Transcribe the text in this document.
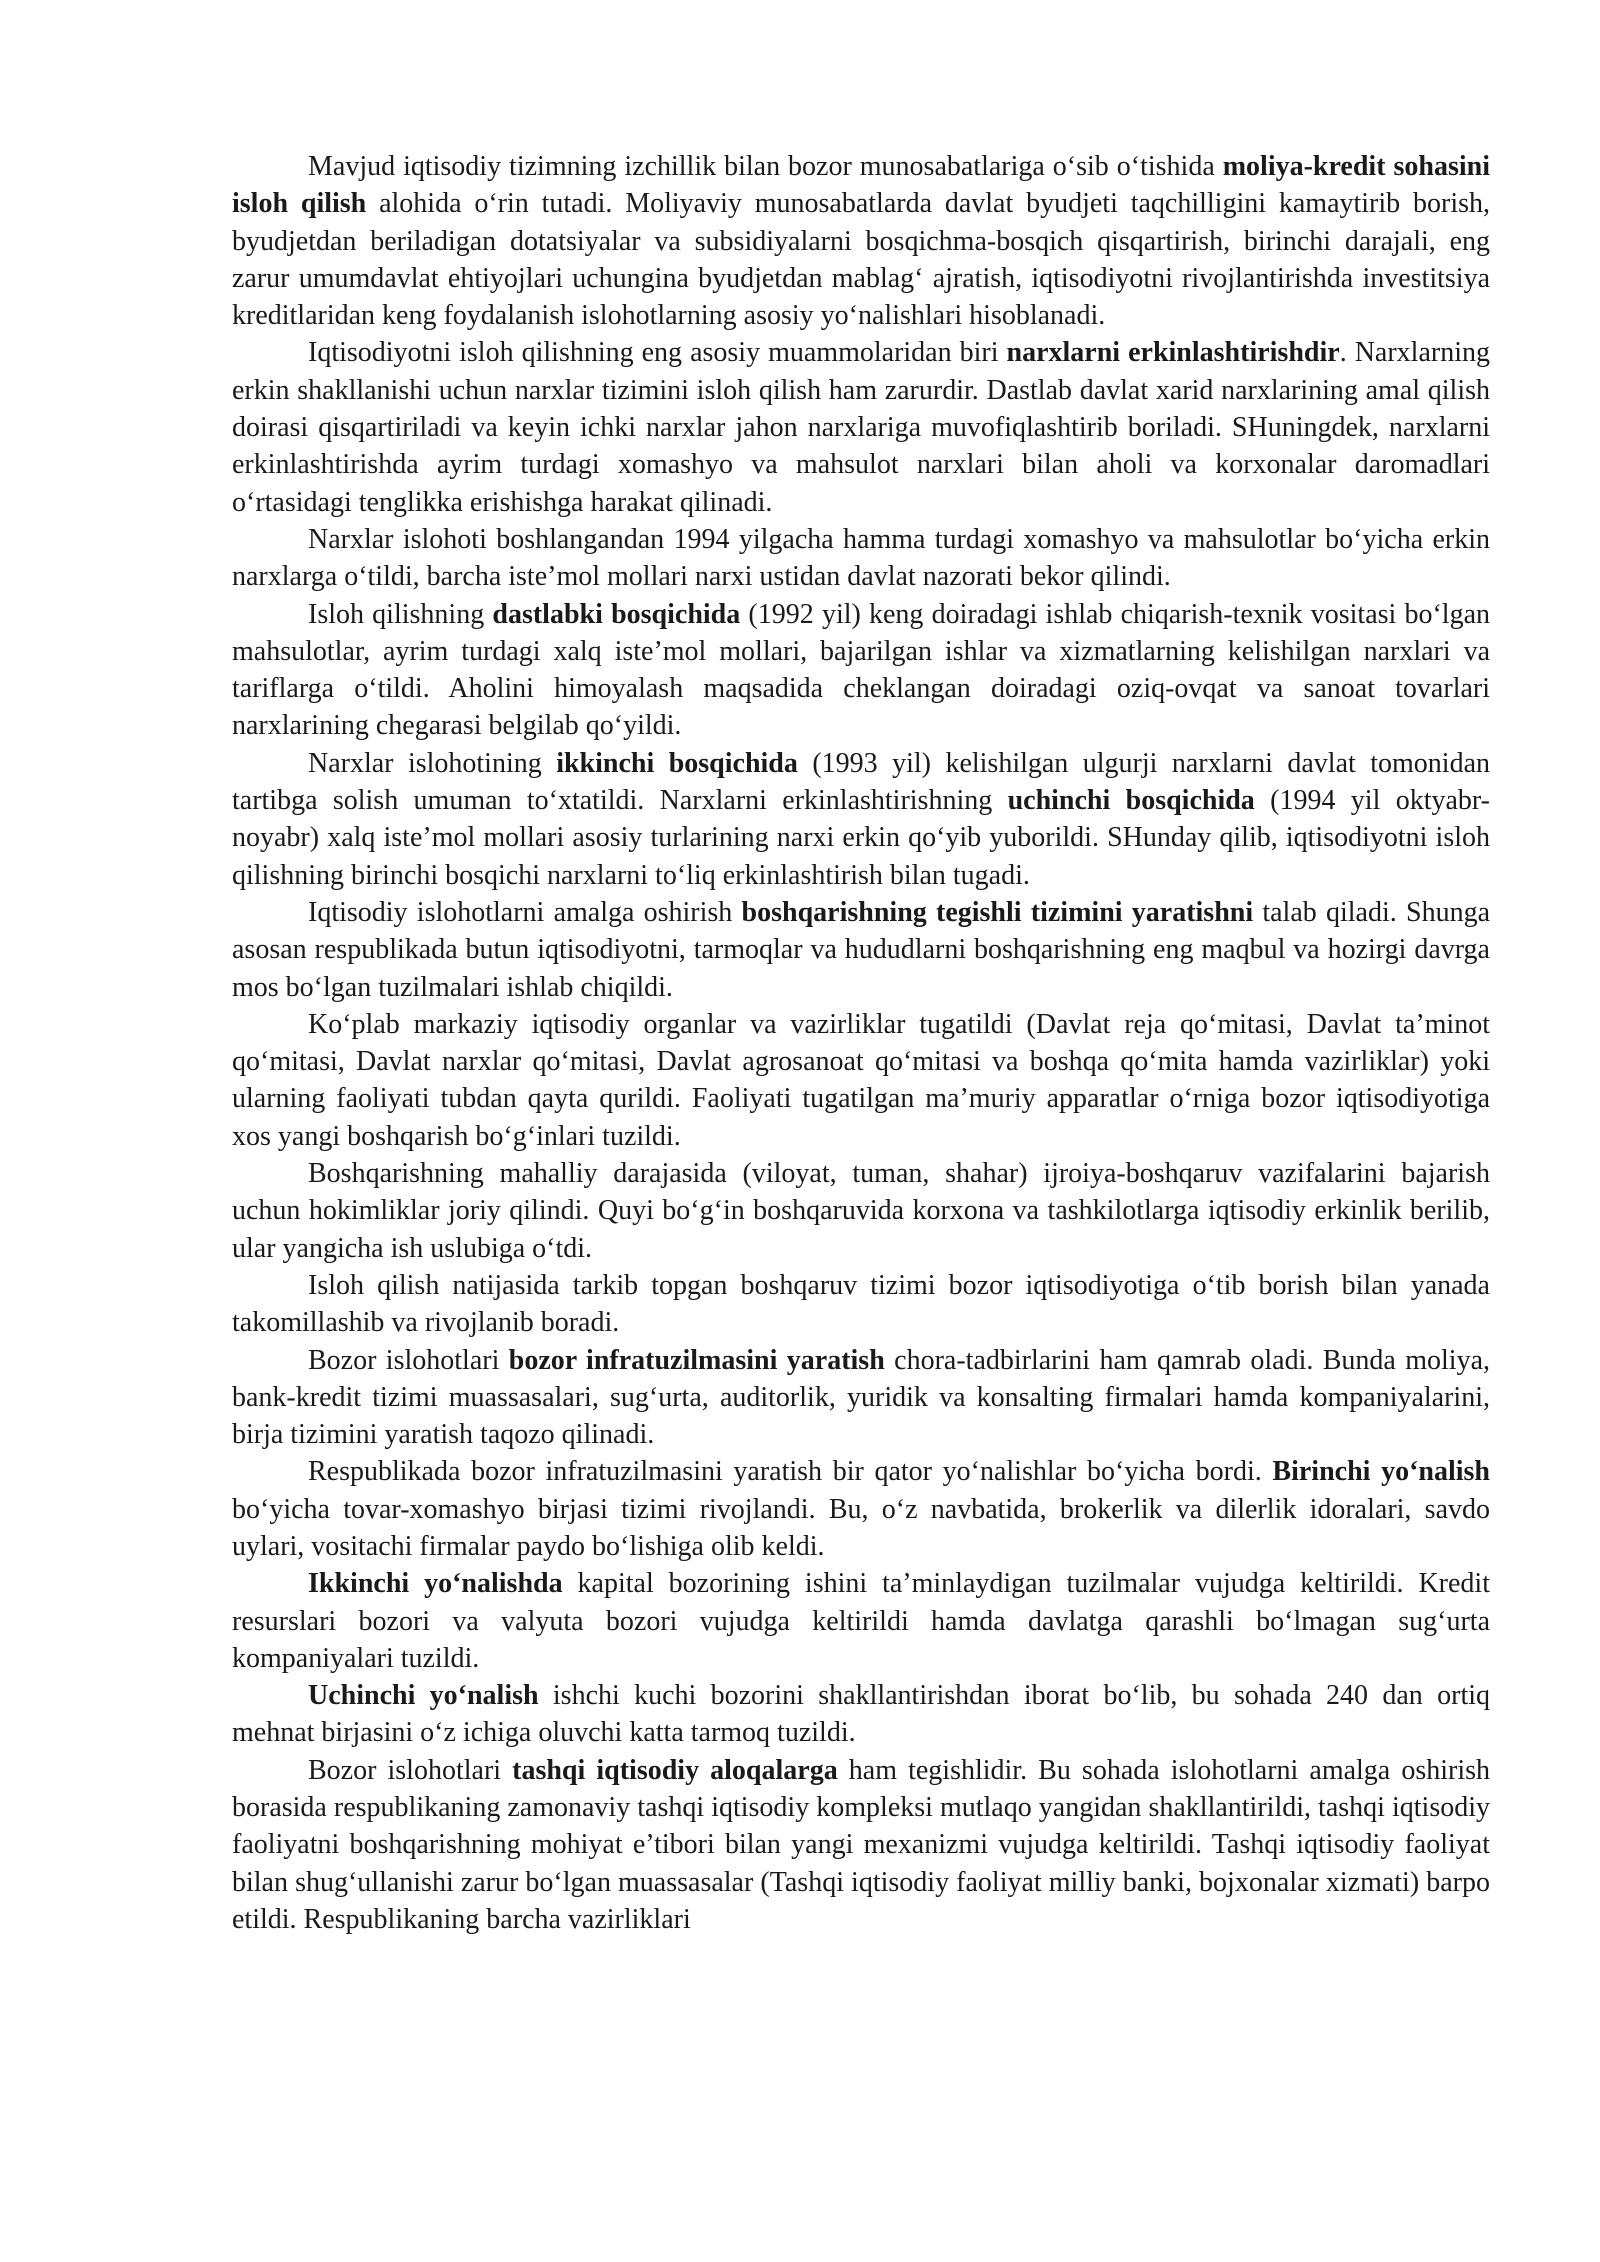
Mavjud iqtisodiy tizimning izchillik bilan bozor munosabatlariga o‘sib o‘tishida moliya-kredit sohasini isloh qilish alohida o‘rin tutadi. Moliyaviy munosabatlarda davlat byudjeti taqchilligini kamaytirib borish, byudjetdan beriladigan dotatsiyalar va subsidiyalarni bosqichma-bosqich qisqartirish, birinchi darajali, eng zarur umumdavlat ehtiyojlari uchungina byudjetdan mablag‘ ajratish, iqtisodiyotni rivojlantirishda investitsiya kreditlaridan keng foydalanish islohotlarning asosiy yo‘nalishlari hisoblanadi.

Iqtisodiyotni isloh qilishning eng asosiy muammolaridan biri narxlarni erkinlashtirishdir. Narxlarning erkin shakllanishi uchun narxlar tizimini isloh qilish ham zarurdir. Dastlab davlat xarid narxlarining amal qilish doirasi qisqartiriladi va keyin ichki narxlar jahon narxlariga muvofiqlashtirib boriladi. SHuningdek, narxlarni erkinlashtirishda ayrim turdagi xomashyo va mahsulot narxlari bilan aholi va korxonalar daromadlari o‘rtasidagi tenglikka erishishga harakat qilinadi.

Narxlar islohoti boshlangandan 1994 yilgacha hamma turdagi xomashyo va mahsulotlar bo‘yicha erkin narxlarga o‘tildi, barcha iste’mol mollari narxi ustidan davlat nazorati bekor qilindi.

Isloh qilishning dastlabki bosqichida (1992 yil) keng doiradagi ishlab chiqarish-texnik vositasi bo‘lgan mahsulotlar, ayrim turdagi xalq iste’mol mollari, bajarilgan ishlar va xizmatlarning kelishilgan narxlari va tariflarga o‘tildi. Aholini himoyalash maqsadida cheklangan doiradagi oziq-ovqat va sanoat tovarlari narxlarining chegarasi belgilab qo‘yildi.

Narxlar islohotining ikkinchi bosqichida (1993 yil) kelishilgan ulgurji narxlarni davlat tomonidan tartibga solish umuman to‘xtatildi. Narxlarni erkinlashtirishning uchinchi bosqichida (1994 yil oktyabr-noyabr) xalq iste’mol mollari asosiy turlarining narxi erkin qo‘yib yuborildi. SHunday qilib, iqtisodiyotni isloh qilishning birinchi bosqichi narxlarni to‘liq erkinlashtirish bilan tugadi.

Iqtisodiy islohotlarni amalga oshirish boshqarishning tegishli tizimini yaratishni talab qiladi. Shunga asosan respublikada butun iqtisodiyotni, tarmoqlar va hududlarni boshqarishning eng maqbul va hozirgi davrga mos bo‘lgan tuzilmalari ishlab chiqildi.

Ko‘plab markaziy iqtisodiy organlar va vazirliklar tugatildi (Davlat reja qo‘mitasi, Davlat ta’minot qo‘mitasi, Davlat narxlar qo‘mitasi, Davlat agrosanoat qo‘mitasi va boshqa qo‘mita hamda vazirliklar) yoki ularning faoliyati tubdan qayta qurildi. Faoliyati tugatilgan ma’muriy apparatlar o‘rniga bozor iqtisodiyotiga xos yangi boshqarish bo‘g‘inlari tuzildi.

Boshqarishning mahalliy darajasida (viloyat, tuman, shahar) ijroiya-boshqaruv vazifalarini bajarish uchun hokimliklar joriy qilindi. Quyi bo‘g‘in boshqaruvida korxona va tashkilotlarga iqtisodiy erkinlik berilib, ular yangicha ish uslubiga o‘tdi.

Isloh qilish natijasida tarkib topgan boshqaruv tizimi bozor iqtisodiyotiga o‘tib borish bilan yanada takomillashib va rivojlanib boradi.

Bozor islohotlari bozor infratuzilmasini yaratish chora-tadbirlarini ham qamrab oladi. Bunda moliya, bank-kredit tizimi muassasalari, sug‘urta, auditorlik, yuridik va konsalting firmalari hamda kompaniyalarini, birja tizimini yaratish taqozo qilinadi.

Respublikada bozor infratuzilmasini yaratish bir qator yo‘nalishlar bo‘yicha bordi. Birinchi yo‘nalish bo‘yicha tovar-xomashyo birjasi tizimi rivojlandi. Bu, o‘z navbatida, brokerlik va dilerlik idoralari, savdo uylari, vositachi firmalar paydo bo‘lishiga olib keldi.

Ikkinchi yo‘nalishda kapital bozorining ishini ta’minlaydigan tuzilmalar vujudga keltirildi. Kredit resurslari bozori va valyuta bozori vujudga keltirildi hamda davlatga qarashli bo‘lmagan sug‘urta kompaniyalari tuzildi.

Uchinchi yo‘nalish ishchi kuchi bozorini shakllantirishdan iborat bo‘lib, bu sohada 240 dan ortiq mehnat birjasini o‘z ichiga oluvchi katta tarmoq tuzildi.

Bozor islohotlari tashqi iqtisodiy aloqalarga ham tegishlidir. Bu sohada islohotlarni amalga oshirish borasida respublikaning zamonaviy tashqi iqtisodiy kompleksi mutlaqo yangidan shakllantirildi, tashqi iqtisodiy faoliyatni boshqarishning mohiyat e’tibori bilan yangi mexanizmi vujudga keltirildi. Tashqi iqtisodiy faoliyat bilan shug‘ullanishi zarur bo‘lgan muassasalar (Tashqi iqtisodiy faoliyat milliy banki, bojxonalar xizmati) barpo etildi. Respublikaning barcha vazirliklari
